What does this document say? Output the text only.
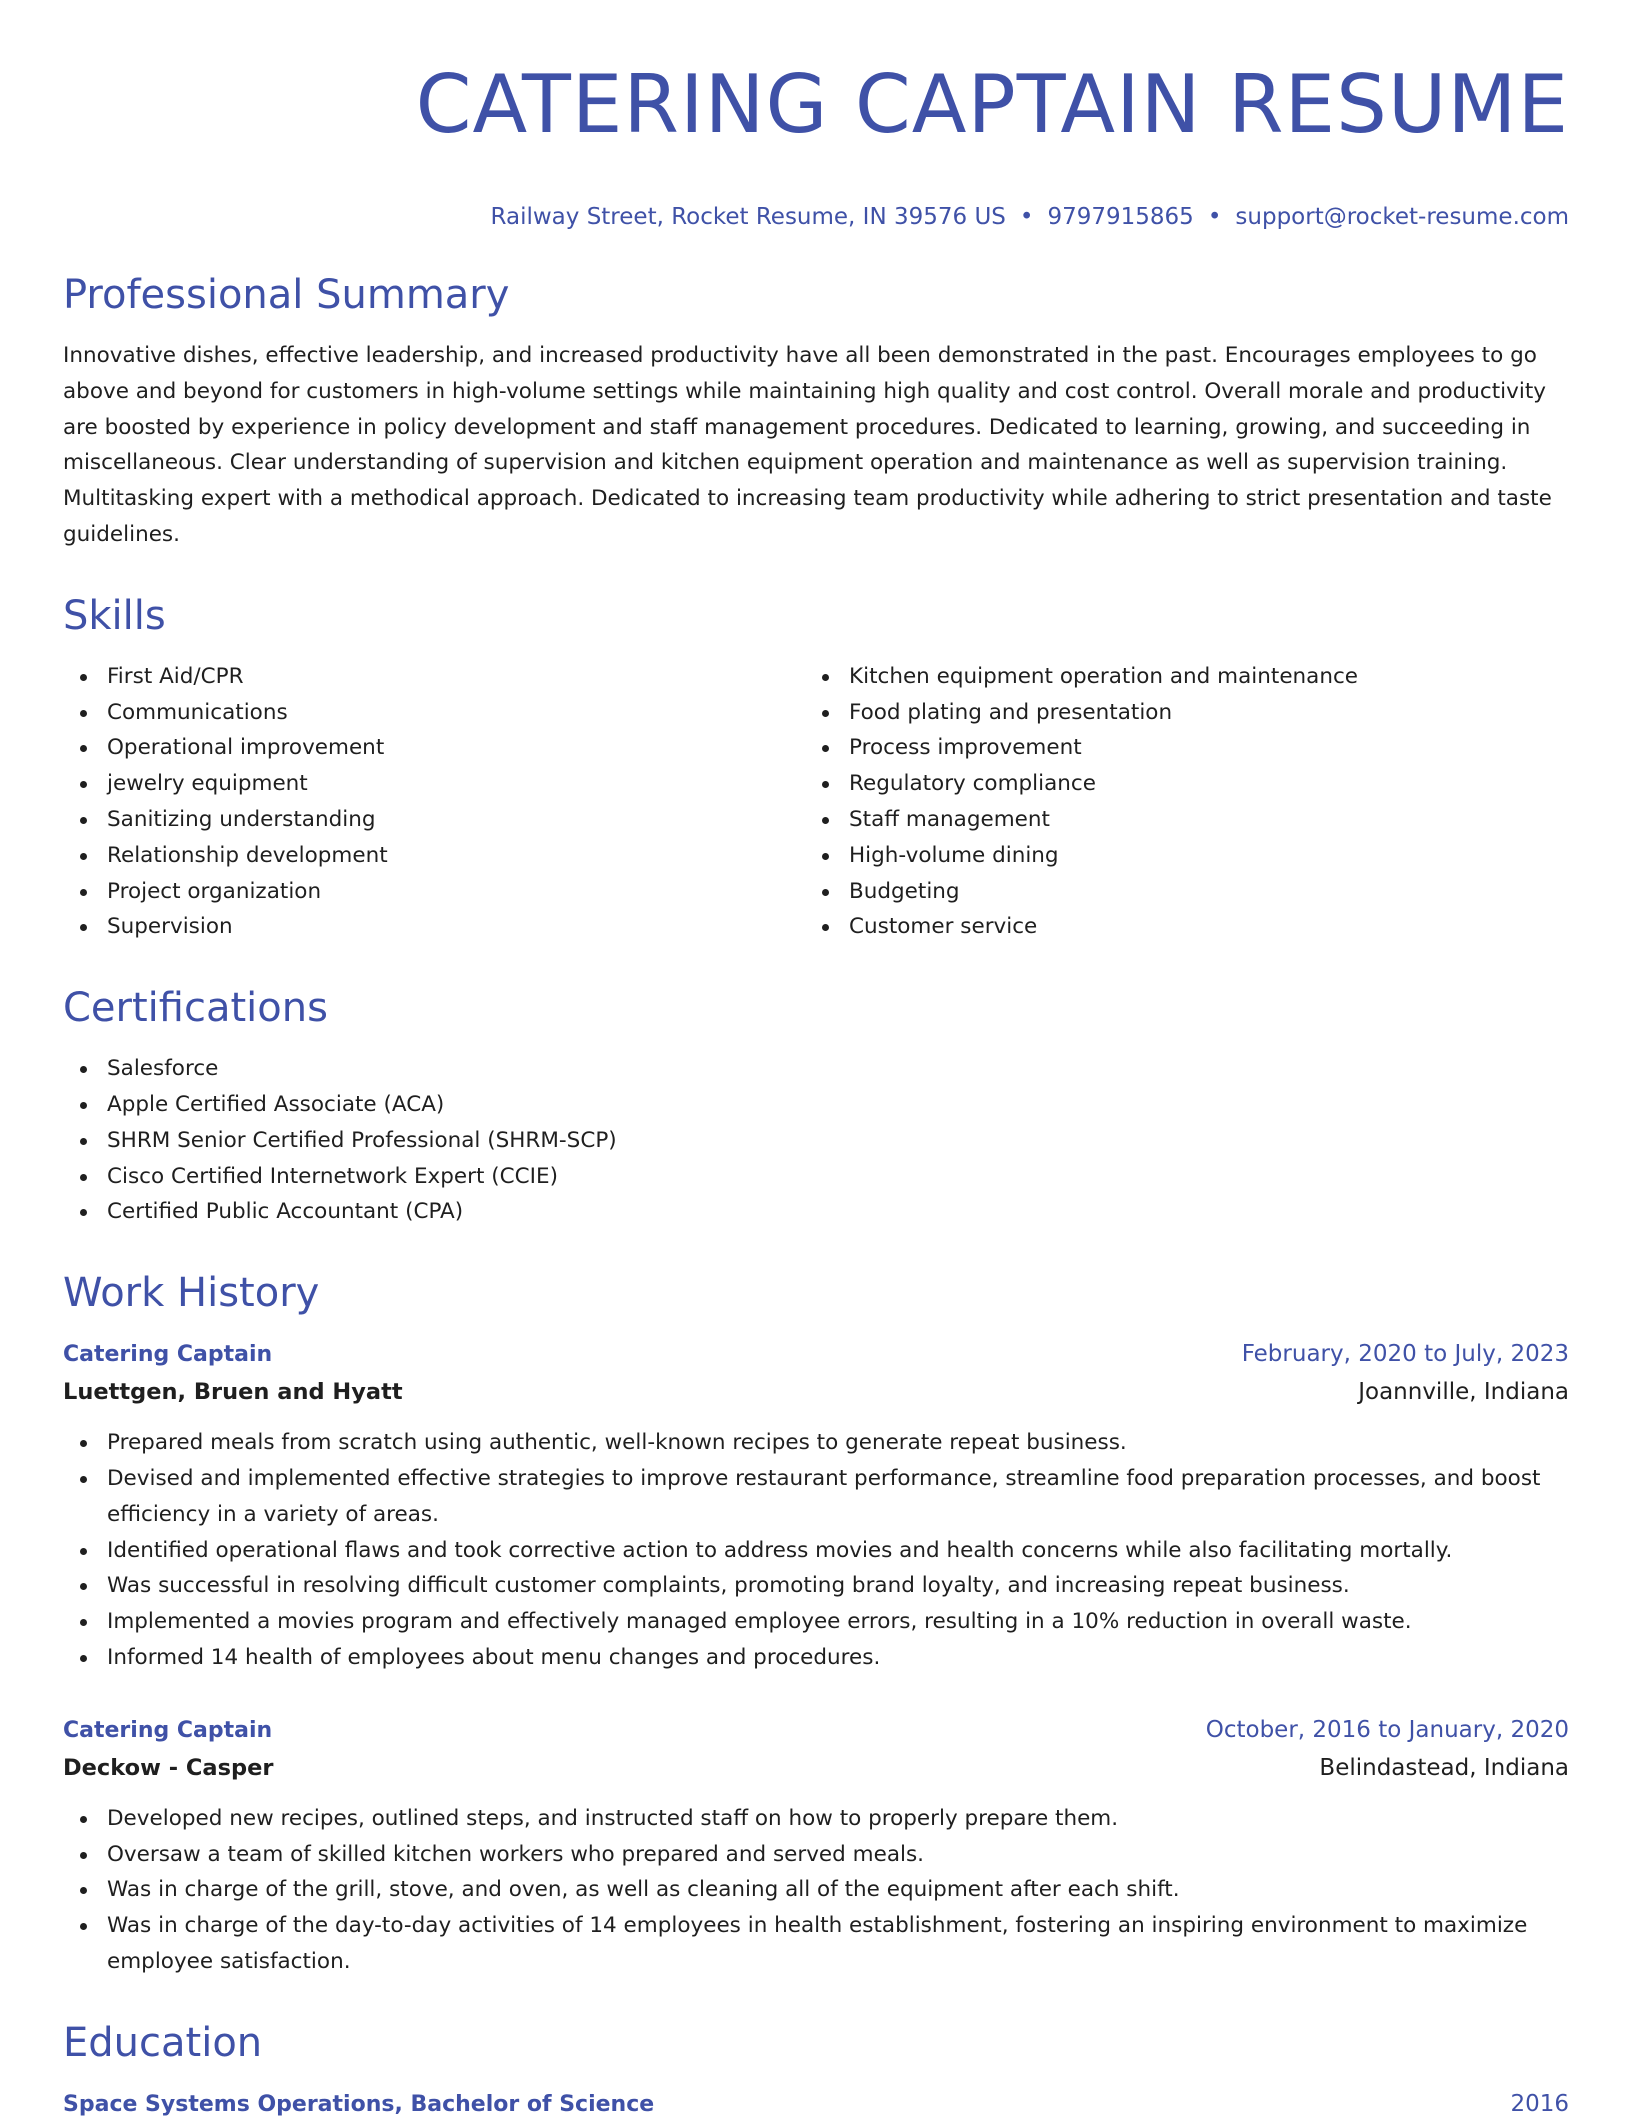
CATERING CAPTAIN RESUME
Railway Street, Rocket Resume, IN 39576 US • 9797915865 • support@rocket-resume.com
Professional Summary

Innovative dishes, effective leadership, and increased productivity have all been demonstrated in the past. Encourages employees to go above and beyond for customers in high-volume settings while maintaining high quality and cost control. Overall morale and productivity are boosted by experience in policy development and staff management procedures. Dedicated to learning, growing, and succeeding in miscellaneous. Clear understanding of supervision and kitchen equipment operation and maintenance as well as supervision training. Multitasking expert with a methodical approach. Dedicated to increasing team productivity while adhering to strict presentation and taste guidelines.

Skills
First Aid/CPR
Communications
Operational improvement
jewelry equipment
Sanitizing understanding
Relationship development
Project organization
Supervision
Kitchen equipment operation and maintenance
Food plating and presentation
Process improvement
Regulatory compliance
Staff management
High-volume dining
Budgeting
Customer service
Certifications
Salesforce
Apple Certified Associate (ACA)
SHRM Senior Certified Professional (SHRM-SCP)
Cisco Certified Internetwork Expert (CCIE)
Certified Public Accountant (CPA)
Work History
Catering Captain	February, 2020 to July, 2023
Luettgen, Bruen and Hyatt	Joannville, Indiana
Prepared meals from scratch using authentic, well-known recipes to generate repeat business.
Devised and implemented effective strategies to improve restaurant performance, streamline food preparation processes, and boost efficiency in a variety of areas.
Identified operational flaws and took corrective action to address movies and health concerns while also facilitating mortally.
Was successful in resolving difficult customer complaints, promoting brand loyalty, and increasing repeat business.
Implemented a movies program and effectively managed employee errors, resulting in a 10% reduction in overall waste.
Informed 14 health of employees about menu changes and procedures.
Catering Captain	October, 2016 to January, 2020
Deckow - Casper	Belindastead, Indiana
Developed new recipes, outlined steps, and instructed staff on how to properly prepare them.
Oversaw a team of skilled kitchen workers who prepared and served meals.
Was in charge of the grill, stove, and oven, as well as cleaning all of the equipment after each shift.
Was in charge of the day-to-day activities of 14 employees in health establishment, fostering an inspiring environment to maximize employee satisfaction.
Education
Space Systems Operations, Bachelor of Science	2016
